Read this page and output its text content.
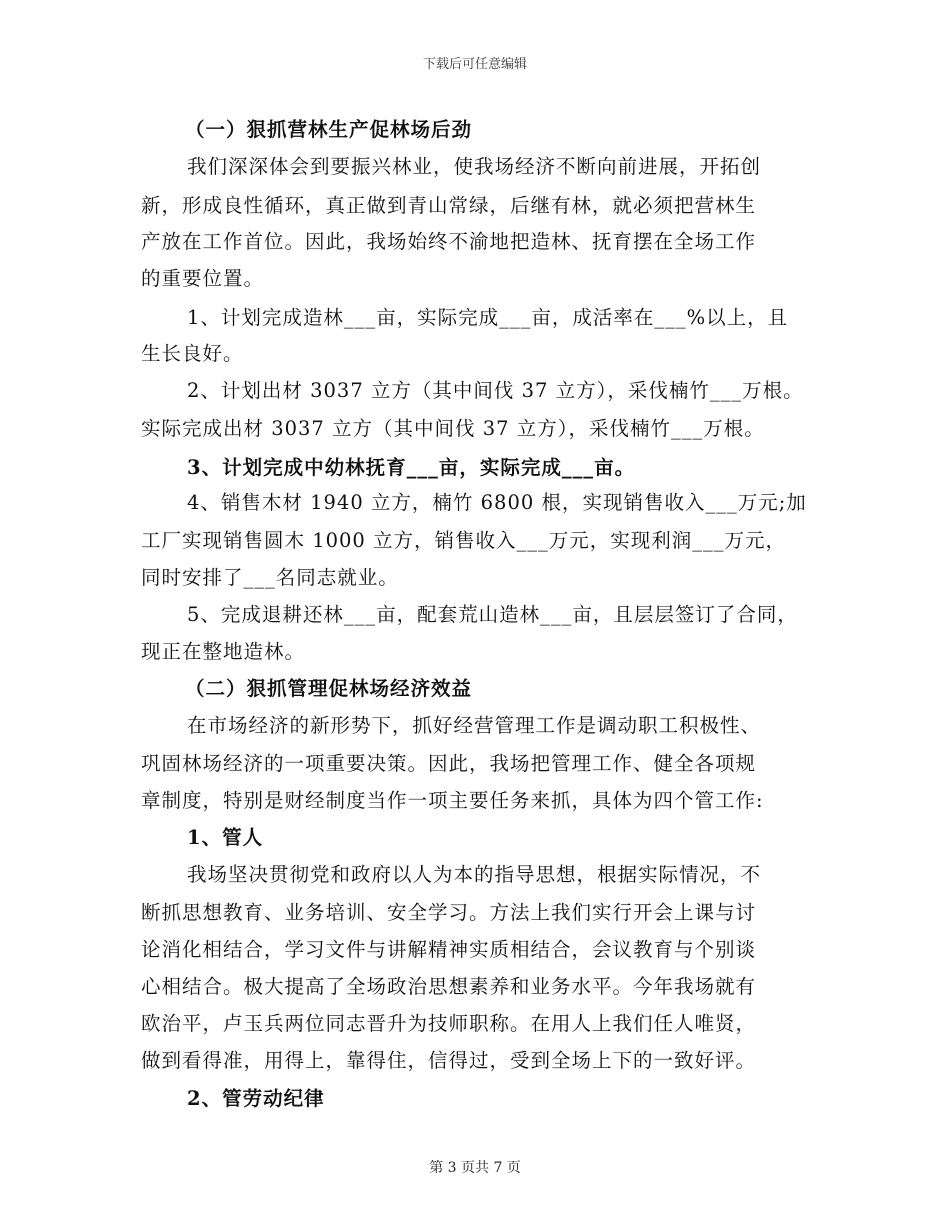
下载后可任意编辑
（一）狠抓营林生产促林场后劲
我们深深体会到要振兴林业，使我场经济不断向前进展，开拓创
新，形成良性循环，真正做到青山常绿，后继有林，就必须把营林生
产放在工作首位。因此，我场始终不渝地把造林、抚育摆在全场工作
的重要位置。
1、计划完成造林___亩，实际完成___亩，成活率在___%以上，且
生长良好。
2、计划出材 3037 立方（其中间伐 37 立方），采伐楠竹___万根。
实际完成出材 3037 立方（其中间伐 37 立方），采伐楠竹___万根。
3、计划完成中幼林抚育___亩，实际完成___亩。
4、销售木材 1940 立方，楠竹 6800 根，实现销售收入___万元;加
工厂实现销售圆木 1000 立方，销售收入___万元，实现利润___万元，
同时安排了___名同志就业。
5、完成退耕还林___亩，配套荒山造林___亩，且层层签订了合同，
现正在整地造林。
（二）狠抓管理促林场经济效益
在市场经济的新形势下，抓好经营管理工作是调动职工积极性、
巩固林场经济的一项重要决策。因此，我场把管理工作、健全各项规
章制度，特别是财经制度当作一项主要任务来抓，具体为四个管工作:
1、管人
我场坚决贯彻党和政府以人为本的指导思想，根据实际情况，不
断抓思想教育、业务培训、安全学习。方法上我们实行开会上课与讨
论消化相结合，学习文件与讲解精神实质相结合，会议教育与个别谈
心相结合。极大提高了全场政治思想素养和业务水平。今年我场就有
欧治平，卢玉兵两位同志晋升为技师职称。在用人上我们任人唯贤，
做到看得准，用得上，靠得住，信得过，受到全场上下的一致好评。
2、管劳动纪律
第 3 页共 7 页
